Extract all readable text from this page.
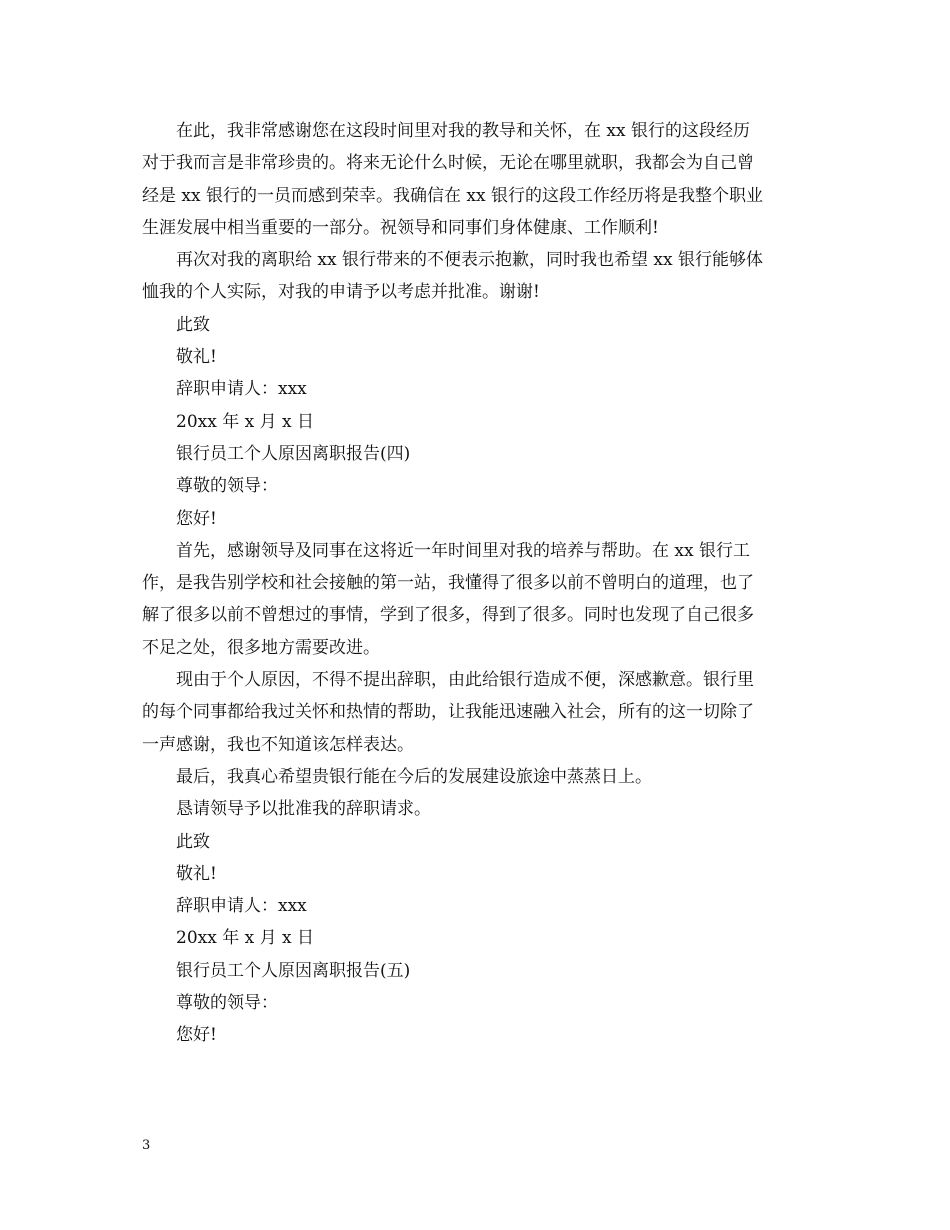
在此，我非常感谢您在这段时间里对我的教导和关怀，在 xx 银行的这段经历
对于我而言是非常珍贵的。将来无论什么时候，无论在哪里就职，我都会为自己曾
经是 xx 银行的一员而感到荣幸。我确信在 xx 银行的这段工作经历将是我整个职业
生涯发展中相当重要的一部分。祝领导和同事们身体健康、工作顺利!
再次对我的离职给 xx 银行带来的不便表示抱歉，同时我也希望 xx 银行能够体
恤我的个人实际，对我的申请予以考虑并批准。谢谢!
此致
敬礼!
辞职申请人：xxx
20xx 年 x 月 x 日
银行员工个人原因离职报告(四)
尊敬的领导：
您好!
首先，感谢领导及同事在这将近一年时间里对我的培养与帮助。在 xx 银行工
作，是我告别学校和社会接触的第一站，我懂得了很多以前不曾明白的道理，也了
解了很多以前不曾想过的事情，学到了很多，得到了很多。同时也发现了自己很多
不足之处，很多地方需要改进。
现由于个人原因，不得不提出辞职，由此给银行造成不便，深感歉意。银行里
的每个同事都给我过关怀和热情的帮助，让我能迅速融入社会，所有的这一切除了
一声感谢，我也不知道该怎样表达。
最后，我真心希望贵银行能在今后的发展建设旅途中蒸蒸日上。
恳请领导予以批准我的辞职请求。
此致
敬礼!
辞职申请人：xxx
20xx 年 x 月 x 日
银行员工个人原因离职报告(五)
尊敬的领导：
您好!
3
